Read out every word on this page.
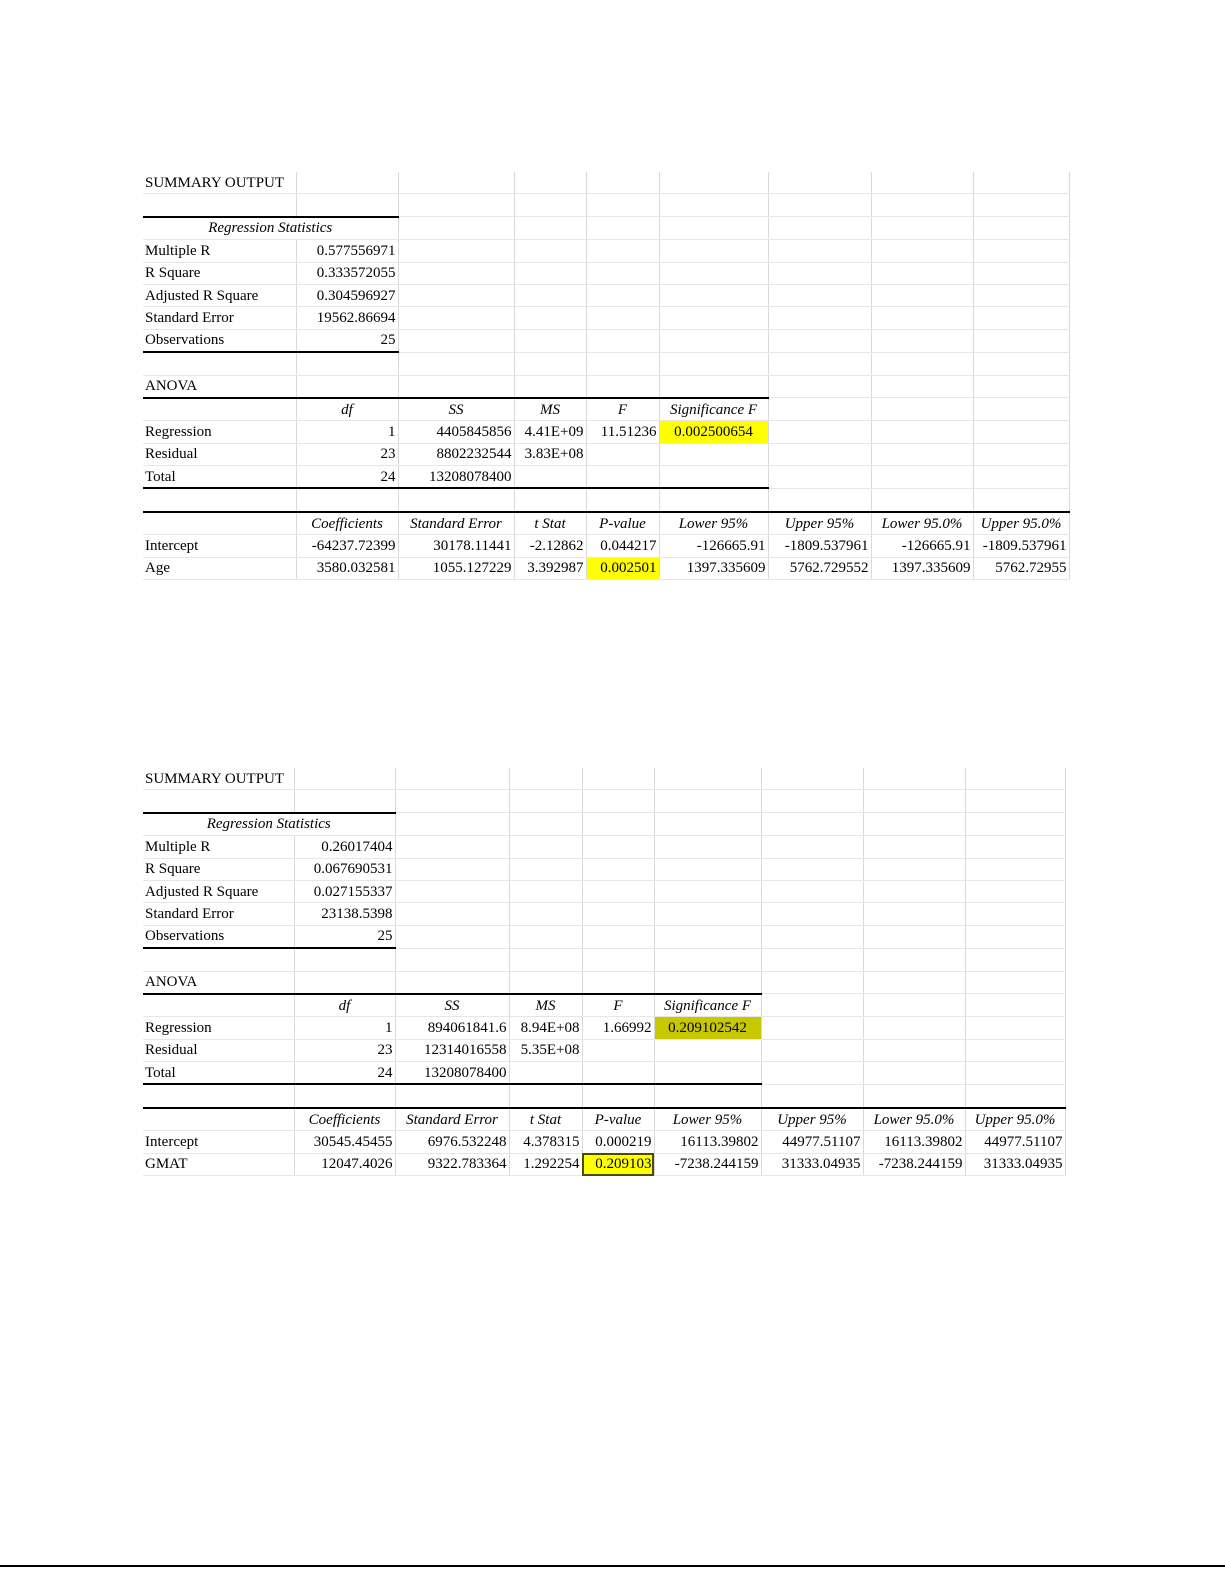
SUMMARY OUTPUT								

Regression Statistics								
Multiple R	0.577556971							
R Square	0.333572055							
Adjusted R Square	0.304596927							
Standard Error	19562.86694							
Observations	25							

ANOVA								
	df	SS	MS	F	Significance F			
Regression	1	4405845856	4.41E+09	11.51236	0.002500654			
Residual	23	8802232544	3.83E+08					
Total	24	13208078400						

	Coefficients	Standard Error	t Stat	P-value	Lower 95%	Upper 95%	Lower 95.0%	Upper 95.0%
Intercept	-64237.72399	30178.11441	-2.12862	0.044217	-126665.91	-1809.537961	-126665.91	-1809.537961
Age	3580.032581	1055.127229	3.392987	0.002501	1397.335609	5762.729552	1397.335609	5762.72955
SUMMARY OUTPUT								

Regression Statistics								
Multiple R	0.26017404							
R Square	0.067690531							
Adjusted R Square	0.027155337							
Standard Error	23138.5398							
Observations	25							

ANOVA								
	df	SS	MS	F	Significance F			
Regression	1	894061841.6	8.94E+08	1.66992	0.209102542			
Residual	23	12314016558	5.35E+08					
Total	24	13208078400						

	Coefficients	Standard Error	t Stat	P-value	Lower 95%	Upper 95%	Lower 95.0%	Upper 95.0%
Intercept	30545.45455	6976.532248	4.378315	0.000219	16113.39802	44977.51107	16113.39802	44977.51107
GMAT	12047.4026	9322.783364	1.292254	0.209103	-7238.244159	31333.04935	-7238.244159	31333.04935
